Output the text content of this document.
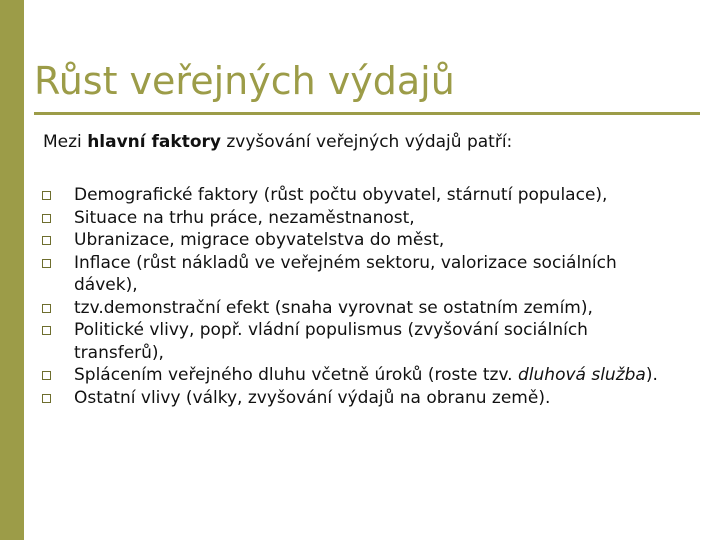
Růst veřejných výdajů
Mezi hlavní faktory zvyšování veřejných výdajů patří:
Demografické faktory (růst počtu obyvatel, stárnutí populace),
Situace na trhu práce, nezaměstnanost,
Ubranizace, migrace obyvatelstva do měst,
Inflace (růst nákladů ve veřejném sektoru, valorizace sociálních dávek),
tzv.demonstrační efekt (snaha vyrovnat se ostatním zemím),
Politické vlivy, popř. vládní populismus (zvyšování sociálních transferů),
Splácením veřejného dluhu včetně úroků (roste tzv. dluhová služba).
Ostatní vlivy (války, zvyšování výdajů na obranu země).
